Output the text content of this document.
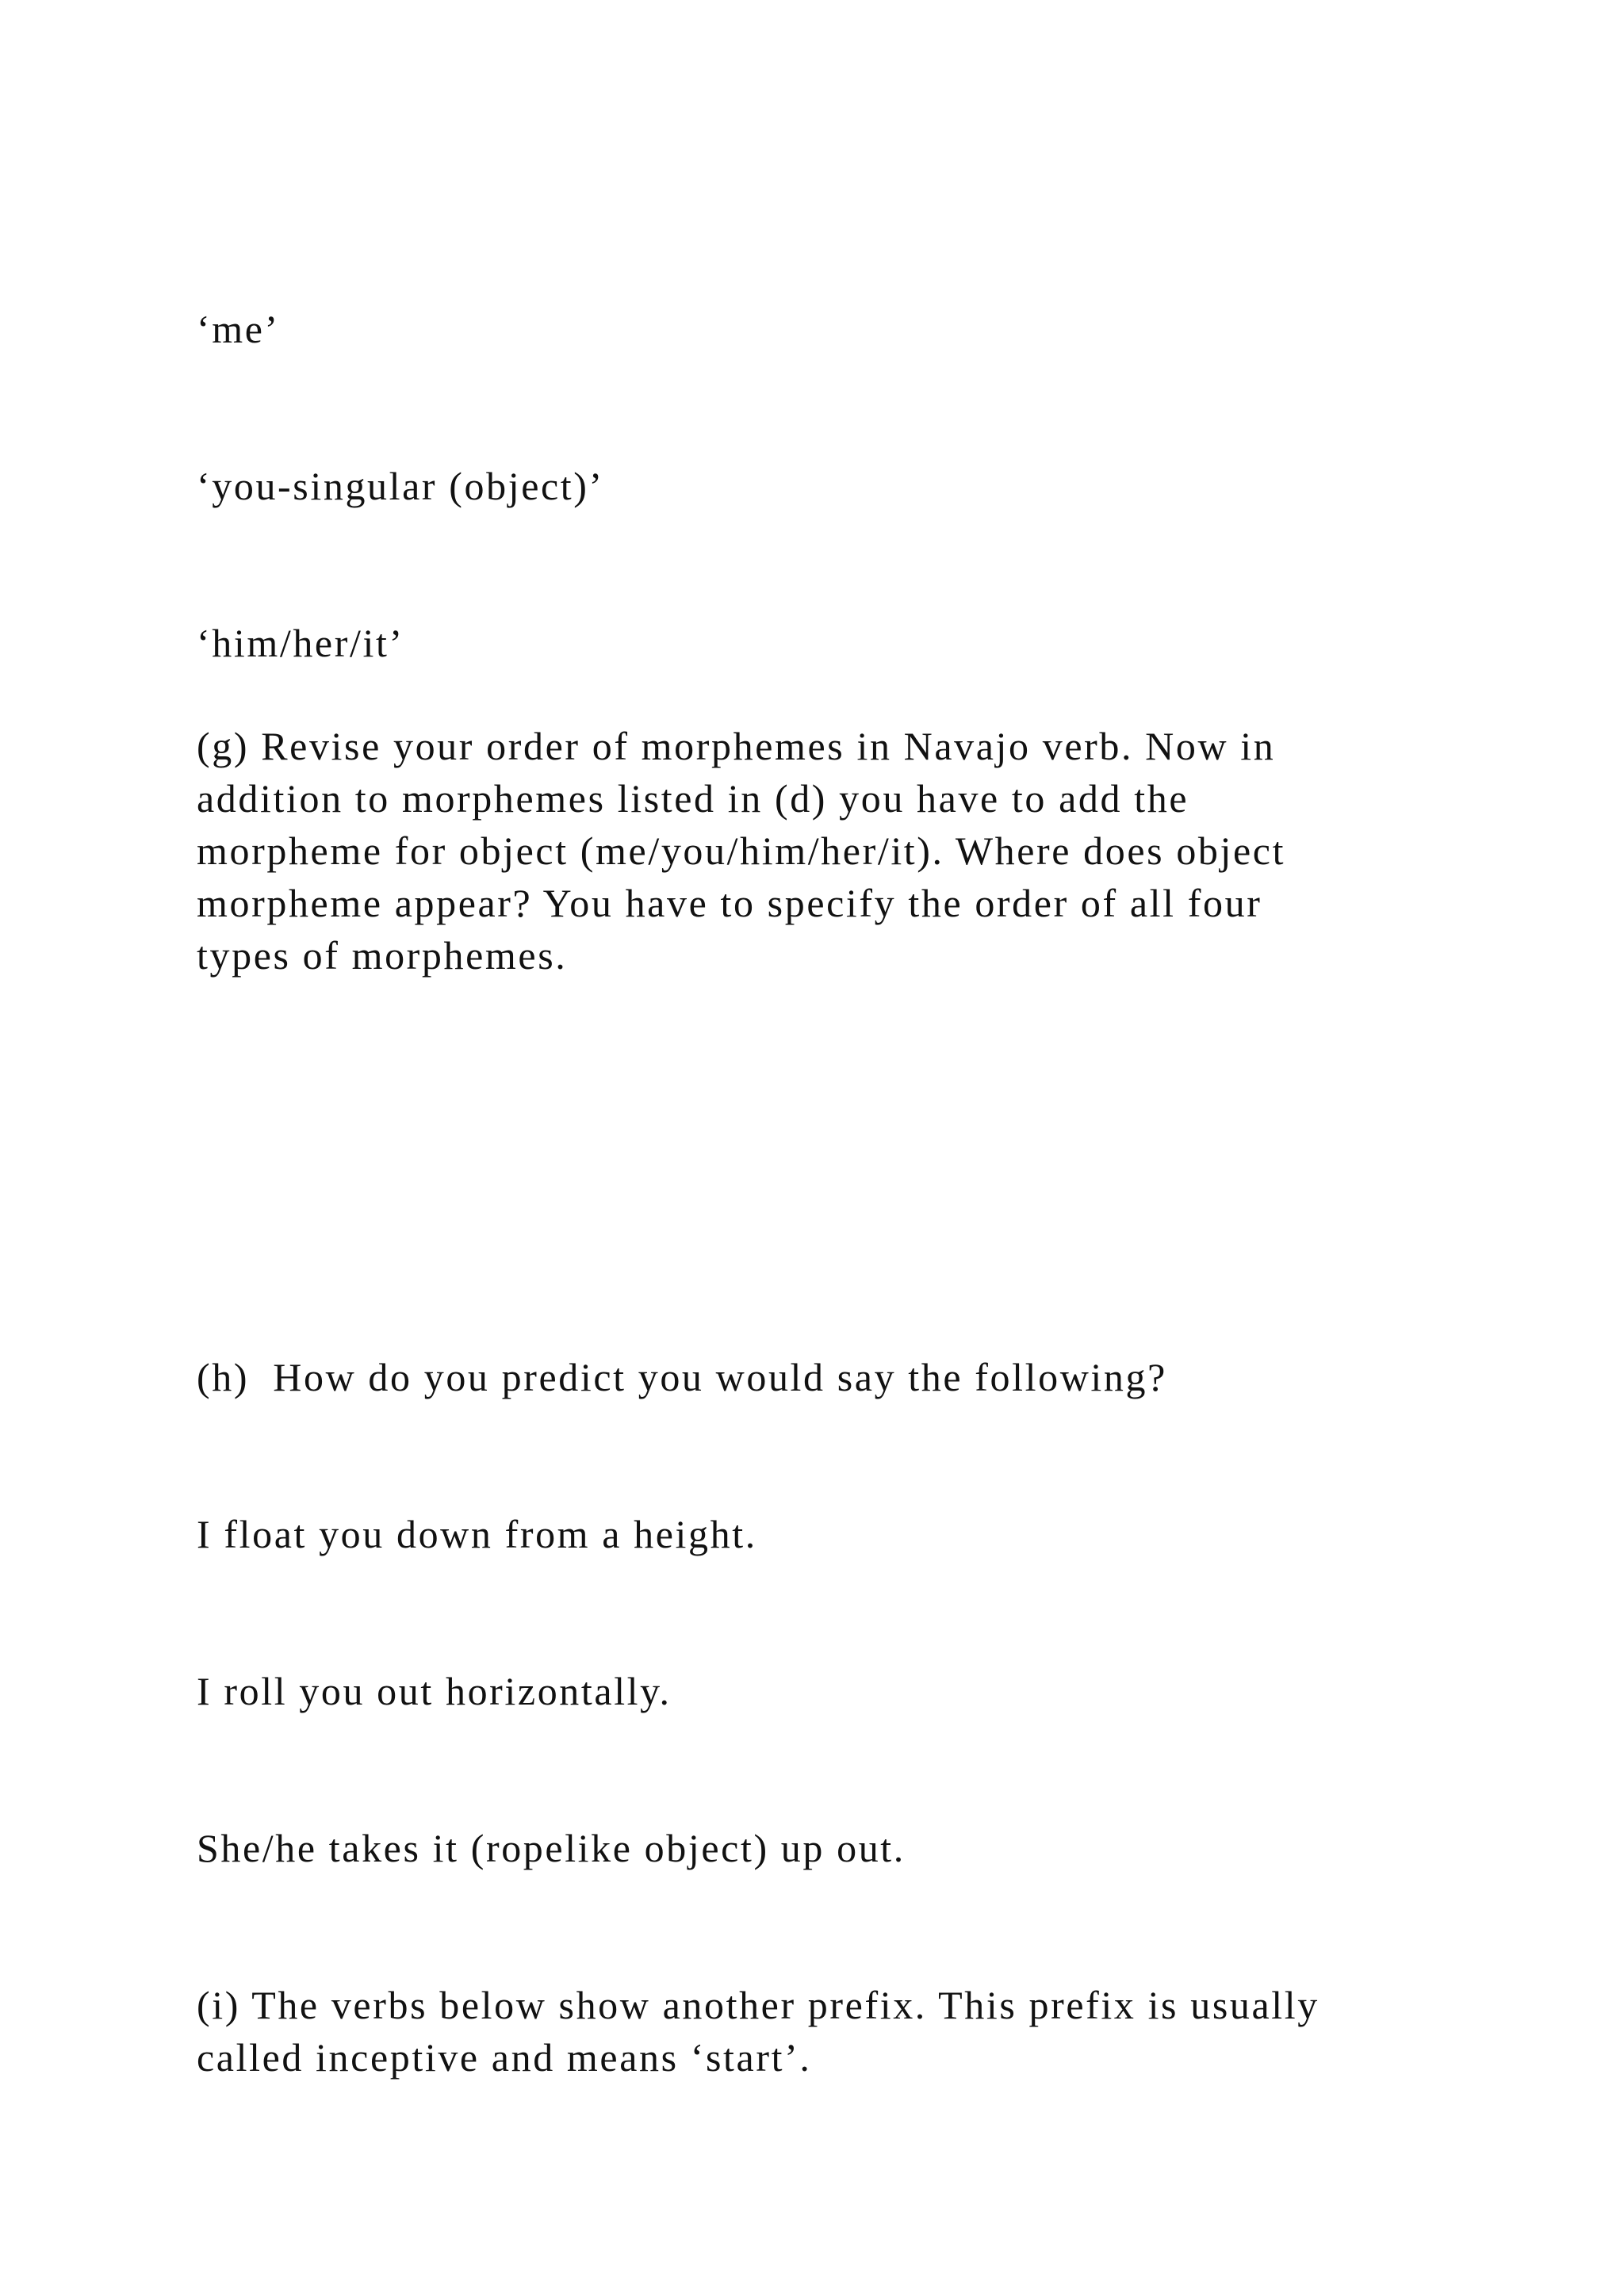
‘me’

‘you-singular (object)’

‘him/her/it’

(g) Revise your order of morphemes in Navajo verb. Now in
addition to morphemes listed in (d) you have to add the
morpheme for object (me/you/him/her/it). Where does object
morpheme appear? You have to specify the order of all four
types of morphemes.

(h)  How do you predict you would say the following?

I float you down from a height.

I roll you out horizontally.

She/he takes it (ropelike object) up out.

(i) The verbs below show another prefix. This prefix is usually
called inceptive and means ‘start’.
